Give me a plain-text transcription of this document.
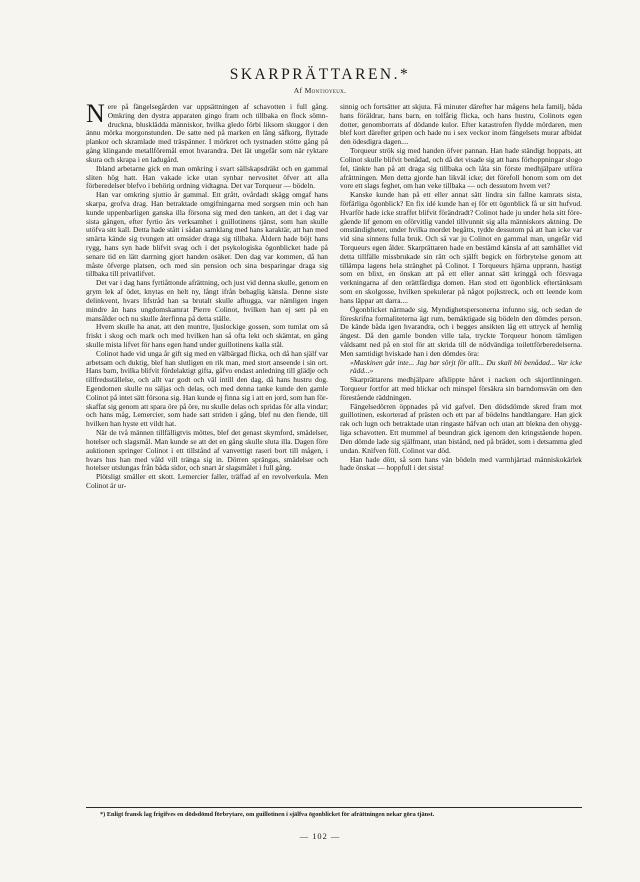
SKARPRÄTTAREN.*
Af Montjoyeux.

Nere på fängelsegården var uppsättningen af schavotten i full gång. Omkring den dystra apparaten gingo fram och tillbaka en flock sömndruckna, blusklädda människor, hvilka gledo förbi liksom skuggor i den ännu mörka morgonstunden. De satte ned på marken en lång säfkorg, flyttade plankor och skramlade med träspänner. I mörkret och tystnaden stötte gång på gång klingande metallföremål emot hvarandra. Det lät ungefär som när ryktare skura och skrapa i en ladugård.

Ibland arbetarne gick en man omkring i svart sällskapsdräkt och en gammal sliten hög hatt. Han vakade icke utan synbar nervositet öfver att alla förberedelser blefvo i behörig ordning vidtagna. Det var Torqueur — bödeln.

Han var omkring sjuttio år gammal. Ett grått, ovårdadt skägg omgaf hans skarpa, grofva drag. Han betraktade omgifningarna med sorgsen min och han kunde uppenbarligen ganska illa försona sig med den tanken, att det i dag var sista gången, efter fyrtio års verksamhet i guillotinens tjänst, som han skulle utöfva sitt kall. Detta hade stått i sådan samklang med hans karaktär, att han med smärta kände sig tvungen att omsider draga sig tillbaka. Åldern hade böjt hans rygg, hans syn hade blifvit svag och i det psykologiska ögonblicket hade på senare tid en lätt darrning gjort handen osäker. Den dag var kommen, då han måste öfverge platsen, och med sin pension och sina besparingar draga sig tillbaka till privatlifvet.

Det var i dag hans fyrtiåttonde afrättning, och just vid denna skulle, genom en grym lek af ödet, knytas en helt ny, långt ifrån behaglig känsla. Denne siste delinkvent, hvars lifstråd han sa brutalt skulle afhugga, var nämligen ingen mindre än hans ungdomskamrat Pierre Colinot, hvilken han ej sett på en mansålder och nu skulle återfinna på detta ställe.

Hvem skulle ha anat, att den muntre, ljuslockige gossen, som tumlat om så friskt i skog och mark och med hvilken han så ofta lekt och skämtat, en gång skulle mista lifvet för hans egen hand under guillotinens kalla stål.

Colinot hade vid unga år gift sig med en välbärgad flicka, och då han själf var arbetsam och duktig, blef han slutligen en rik man, med stort anseende i sin ort. Hans barn, hvilka blifvit fördelaktigt gifta, gåfvo endast anledning till glädje och tillfredsställelse, och allt var godt och väl intill den dag, då hans hustru dog. Egendomen skulle nu säljas och delas, och med denna tanke kunde den gamle Colinot på intet sätt försona sig. Han kunde ej finna sig i att en jord, som han förskaffat sig genom att spara öre på öre, nu skulle delas och spridas för alla vindar; och hans måg, Lemercier, som hade satt striden i gång, blef nu den fiende, till hvilken han hyste ett vildt hat.

När de två männen tillfälligtvis möttes, blef det genast skymford, smädelser, hotelser och slagsmål. Man kunde se att det en gång skulle sluta illa. Dagen före auktionen springer Colinot i ett tillstånd af vanvettigt raseri bort till mågen, i hvars hus han med våld vill tränga sig in. Dörren sprängas, smädelser och hotelser utslungas från båda sidor, och snart är slagsmålet i full gång.

Plötsligt smäller ett skott. Lemercier faller, träffad af en revolverkula. Men Colinot är ur-

sinnig och fortsätter att skjuta. Få minuter därefter har mågens hela familj, båda hans föräldrar, hans barn, en tolfårig flicka, och hans hustru, Colinots egen dotter, genomborrats af dödande kulor. Efter katastrofen flydde mördaren, men blef kort därefter gripen och hade nu i sex veckor inom fängelsets murar afbidat den ödesdigra dagen....

Torqueur strök sig med handen öfver pannan. Han hade ständigt hoppats, att Colinot skulle blifvit benådad, och då det visade sig att hans förhoppningar slogo fel, tänkte han på att draga sig tillbaka och låta sin förste medhjälpare utföra afrättningen. Men detta gjorde han likväl icke; det förefoll honom som om det vore ett slags feghet, om han veke tillbaka — och dessutom hvem vet?

Kanske kunde han på ett eller annat sätt lindra sin fallne kamrats sista, förfärliga ögonblick? En fix idé kunde han ej för ett ögonblick få ur sitt hufvud. Hvarför hade icke straffet blifvit förändradt? Colinot hade ju under hela sitt föregående lif genom en oförvitlig vandel tillvunnit sig alla människors aktning. De omständigheter, under hvilka mordet begåtts, tydde dessutom på att han icke var vid sina sinnens fulla bruk. Och så var ju Colinot en gammal man, ungefär vid Torqueurs egen ålder. Skarprättaren hade en bestämd känsla af att samhället vid detta tillfälle missbrukade sin rätt och själft begick en förbrytelse genom att tillämpa lagens hela stränghet på Colinot. I Torqueurs hjärna upprann, hastigt som en blixt, en önskan att på ett eller annat sätt kringgå och försvaga verkningarna af den orättfärdiga domen. Han stod ett ögonblick eftertänksam som en skolgosse, hvilken spekulerar på något pojkstreck, och ett leende kom hans läppar att darra....

Ögonblicket närmade sig. Myndighetspersonerna infunno sig, och sedan de föreskrifna formaliteterna ägt rum, bemäktigade sig bödeln den dömdes person. De kände båda igen hvarandra, och i begges ansikten låg ett uttryck af hemlig ängest. Då den gamle bonden ville tala, tryckte Torqueur honom tämligen våldsamt ned på en stol för att skrida till de nödvändiga toilettförberedelserna. Men samtidigt hviskade han i den dömdes öra:

»Maskinen går inte... Jag har sörjt för allt... Du skall bli benådad... Var icke rädd...»

Skarprättarens medhjälpare afklippte håret i nacken och skjortlinningen. Torqueur fortfor att med blickar och minspel försäkra sin barndomsvän om den förestående räddningen.

Fängelsedörren öppnades på vid gafvel. Den dödsdömde skred fram mot guillotinen, eskorterad af prästen och ett par af bödelns handtlangare. Han gick rak och lugn och betraktade utan ringaste häfvan och utan att blekna den ohyggliga schavotten. Ett mummel af beundran gick igenom den kringstående hopen. Den dömde lade sig själfmant, utan bistånd, ned på brädet, som i detsamma gled undan. Knifven föll. Colinot var död.

Han hade dött, så som hans vän bödeln med varmhjärtad människokärlek hade önskat — hoppfull i det sista!

*) Enligt fransk lag frigifves en dödsdömd förbrytare, om guillotinen i själfva ögonblicket för afrättningen nekar göra tjänst.
— 102 —
